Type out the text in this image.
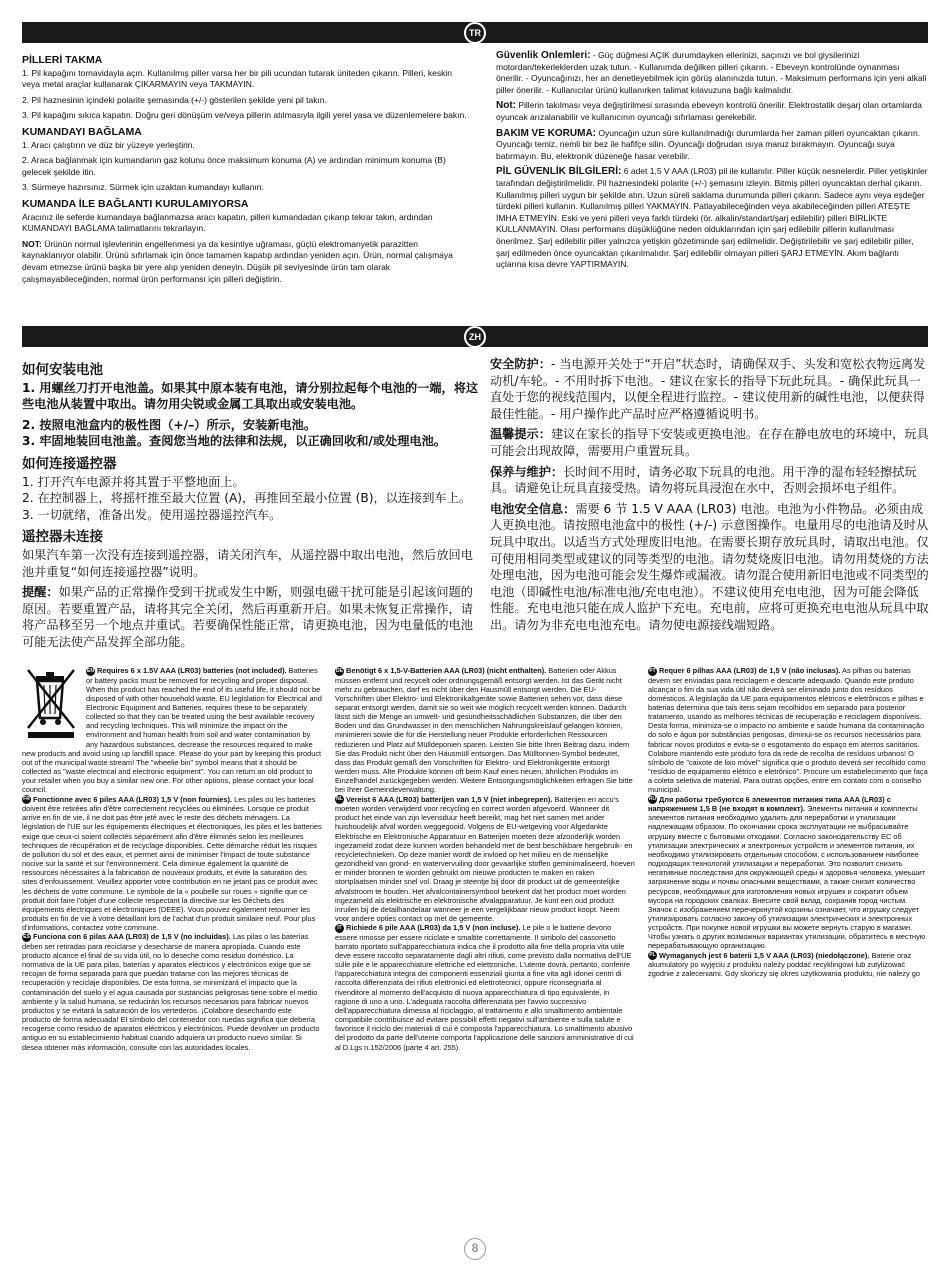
TR
PİLLERİ TAKMA

1. Pil kapağını tornavidayla açın. Kullanılmış piller varsa her bir pili ucundan tutarak üniteden çıkarın. Pilleri, keskin veya metal araçlar kullanarak ÇIKARMAYIN veya TAKMAYIN.

2. Pil haznesinin içindeki polarite şemasında (+/-) gösterilen şekilde yeni pil takın.

3. Pil kapağını sıkıca kapatın. Doğru geri dönüşüm ve/veya pillerin atılmasıyla ilgili yerel yasa ve düzenlemelere bakın.

KUMANDAYI BAĞLAMA

1. Aracı çalıştırın ve düz bir yüzeye yerleştirin.

2. Araca bağlanmak için kumandanın gaz kolunu önce maksimum konuma (A) ve ardından minimum konuma (B) gelecek şekilde itin.

3. Sürmeye hazırsınız. Sürmek için uzaktan kumandayı kullanın.

KUMANDA İLE BAĞLANTI KURULAMIYORSA

Aracınız ile seferde kumandaya bağlanmazsa aracı kapatın, pilleri kumandadan çıkarıp tekrar takın, ardından KUMANDAYI BAĞLAMA talimatlarını tekrarlayın.

NOT: Ürünün normal işlevlerinin engellenmesi ya da kesintiye uğraması, güçlü elektromanyetik parazitten kaynaklanıyor olabilir. Ürünü sıfırlamak için önce tamamen kapatıp ardından yeniden açın. Ürün, normal çalışmaya devam etmezse ürünü başka bir yere alıp yeniden deneyin. Düşük pil seviyesinde ürün tam olarak çalışmayabileceğinden, normal ürün performansı için pilleri değiştirin.

Güvenlik Önlemleri: - Güç düğmesi AÇIK durumdayken ellerinizi, saçınızı ve bol giysilerinizi motordan/tekerleklerden uzak tutun. - Kullanımda değilken pilleri çıkarın. - Ebeveyn kontrolünde oynanması önerilir. - Oyuncağınızı, her an denetleyebilmek için görüş alanınızda tutun. - Maksimum performans için yeni alkali piller önerilir. - Kullanıcılar ürünü kullanırken talimat kılavuzuna bağlı kalmalıdır.

Not: Pillerin takılması veya değiştirilmesi sırasında ebeveyn kontrolü önerilir. Elektrostatik deşarj olan ortamlarda oyuncak arızalanabilir ve kullanıcının oyuncağı sıfırlaması gerekebilir.

BAKIM VE KORUMA: Oyuncağın uzun süre kullanılmadığı durumlarda her zaman pilleri oyuncaktan çıkarın. Oyuncağı temiz, nemli bir bez ile hafifçe silin. Oyuncağı doğrudan ısıya maruz bırakmayın. Oyuncağı suya batırmayın. Bu, elektronik düzeneğe hasar verebilir.

PİL GÜVENLİK BİLGİLERİ: 6 adet 1,5 V AAA (LR03) pil ile kullanılır. Piller küçük nesnelerdir. Piller yetişkinler tarafından değiştirilmelidir. Pil haznesindeki polarite (+/-) şemasını izleyin. Bitmiş pilleri oyuncaktan derhal çıkarın. Kullanılmış pilleri uygun bir şekilde atın. Uzun süreli saklama durumunda pilleri çıkarın. Sadece aynı veya eşdeğer türdeki pilleri kullanın. Kullanılmış pilleri YAKMAYIN. Patlayabileceğinden veya akabileceğinden pilleri ATEŞTE İMHA ETMEYİN. Eski ve yeni pilleri veya farklı türdeki (ör. alkalin/standart/şarj edilebilir) pilleri BİRLİKTE KULLANMAYIN. Olası performans düşüklüğüne neden olduklarından için şarj edilebilir pillerin kullanılması önerilmez. Şarj edilebilir piller yalnızca yetişkin gözetiminde şarj edilmelidir. Değiştirilebilir ve şarj edilebilir piller, şarj edilmeden önce oyuncaktan çıkarılmalıdır. Şarj edilebilir olmayan pilleri ŞARJ ETMEYİN. Akım bağlantı uçlarına kısa devre YAPTIRMAYIN.

ZH
如何安装电池

1. 用螺丝刀打开电池盖。如果其中原本装有电池，请分别拉起每个电池的一端，将这些电池从装置中取出。请勿用尖锐或金属工具取出或安装电池。

2. 按照电池盒内的极性图（+/–）所示，安装新电池。

3. 牢固地装回电池盖。查阅您当地的法律和法规，以正确回收和/或处理电池。

如何连接遥控器

1. 打开汽车电源并将其置于平整地面上。

2. 在控制器上，将摇杆推至最大位置 (A)，再推回至最小位置 (B)，以连接到车上。

3. 一切就绪，准备出发。使用遥控器遥控汽车。

遥控器未连接

如果汽车第一次没有连接到遥控器，请关闭汽车，从遥控器中取出电池，然后放回电池并重复“如何连接遥控器”说明。

提醒：如果产品的正常操作受到干扰或发生中断，则强电磁干扰可能是引起该问题的原因。若要重置产品，请将其完全关闭，然后再重新开启。如果未恢复正常操作，请将产品移至另一个地点并重试。若要确保性能正常，请更换电池，因为电量低的电池可能无法使产品发挥全部功能。

安全防护：- 当电源开关处于“开启”状态时，请确保双手、头发和宽松衣物远离发动机/车轮。- 不用时拆下电池。- 建议在家长的指导下玩此玩具。- 确保此玩具一直处于您的视线范围内，以便全程进行监控。- 建议使用新的碱性电池，以便获得最佳性能。- 用户操作此产品时应严格遵循说明书。

温馨提示：建议在家长的指导下安装或更换电池。在存在静电放电的环境中，玩具可能会出现故障，需要用户重置玩具。

保养与维护：长时间不用时，请务必取下玩具的电池。用干净的湿布轻轻擦拭玩具。请避免让玩具直接受热。请勿将玩具浸泡在水中，否则会损坏电子组件。

电池安全信息：需要 6 节 1.5 V AAA (LR03) 电池。电池为小件物品。必须由成人更换电池。请按照电池盒中的极性 (+/-) 示意图操作。电量用尽的电池请及时从玩具中取出。以适当方式处理废旧电池。在需要长期存放玩具时，请取出电池。仅可使用相同类型或建议的同等类型的电池。请勿焚烧废旧电池。请勿用焚烧的方法处理电池，因为电池可能会发生爆炸或漏液。请勿混合使用新旧电池或不同类型的电池（即碱性电池/标准电池/充电电池）。不建议使用充电电池，因为可能会降低性能。充电电池只能在成人监护下充电。充电前，应将可更换充电电池从玩具中取出。请勿为非充电电池充电。请勿使电源接线端短路。

EN Requires 6 x 1.5V AAA (LR03) batteries (not included). Batteries or battery packs must be removed for recycling and proper disposal. When this product has reached the end of its useful life, it should not be disposed of with other household waste. EU legislation for Electrical and Electronic Equipment and Batteries, requires these to be separately collected so that they can be treated using the best available recovery and recycling techniques. This will minimize the impact on the environment and human health from soil and water contamination by any hazardous substances, decrease the resources required to make new products and avoid using up landfill space. Please do your part by keeping this product out of the municipal waste stream! The "wheelie bin" symbol means that it should be collected as "waste electrical and electronic equipment". You can return an old product to your retailer when you buy a similar new one. For other options, please contact your local council.

FR Fonctionne avec 6 piles AAA (LR03) 1,5 V (non fournies). Les piles ou les batteries doivent être retirées afin d'être correctement recyclées ou éliminées. Lorsque ce produit arrive en fin de vie, il ne doit pas être jeté avec le reste des déchets ménagers. La législation de l'UE sur les équipements électriques et électroniques, les piles et les batteries exige que ceux-ci soient collectés séparément afin d'être éliminés selon les meilleures techniques de récupération et de recyclage disponibles. Cette démarche réduit les risques de pollution du sol et des eaux, et permet ainsi de minimiser l'impact de toute substance nocive sur la santé et sur l'environnement. Cela diminue également la quantité de ressources nécessaires à la fabrication de nouveaux produits, et évite la saturation des sites d'enfouissement. Veuillez apporter votre contribution en ne jetant pas ce produit avec les déchets de votre commune. Le symbole de la « poubelle sur roues » signifie que ce produit doit faire l'objet d'une collecte respectant la directive sur les Déchets des équipements électriques et électroniques (DEEE). Vous pouvez également retourner les produits en fin de vie à votre détaillant lors de l'achat d'un produit similaire neuf. Pour plus d'informations, contactez votre commune.

ES Funciona con 6 pilas AAA (LR03) de 1,5 V (no incluidas). Las pilas o las baterías deben ser retiradas para reciclarse y desecharse de manera apropiada. Cuando este producto alcance el final de su vida útil, no lo deseche como residuo doméstico. La normativa de la UE para pilas, baterías y aparatos eléctricos y electrónicos exige que se recojan de forma separada para que puedan tratarse con las mejores técnicas de recuperación y reciclaje disponibles. De esta forma, se minimizará el impacto que la contaminación del suelo y el agua causada por sustancias peligrosas tiene sobre el medio ambiente y la salud humana, se reducirán los recursos necesarios para fabricar nuevos productos y se evitará la saturación de los vertederos. ¡Colabore desechando este producto de forma adecuada! El símbolo del contenedor con ruedas significa que debería recogerse como residuo de aparatos eléctricos y electrónicos. Puede devolver un producto antiguo en su establecimiento habitual cuando adquiera un producto nuevo similar. Si desea obtener más información, consulte con las autoridades locales.

DE Benötigt 6 x 1,5-V-Batterien AAA (LR03) (nicht enthalten). Batterien oder Akkus müssen entfernt und recycelt oder ordnungsgemäß entsorgt werden. Ist das Gerät nicht mehr zu gebrauchen, darf es nicht über den Hausmüll entsorgt werden. Die EU-Vorschriften über Elektro- und Elektronikaltgeräte sowie Batterien sehen vor, dass diese separat entsorgt werden, damit sie so weit wie möglich recycelt werden können. Dadurch lässt sich die Menge an umwelt- und gesundheitsschädlichen Substanzen, die über den Boden und das Grundwasser in den menschlichen Nahrungskreislauf gelangen können, minimieren sowie die für die Herstellung neuer Produkte erforderlichen Ressourcen reduzieren und Platz auf Mülldeponien sparen. Leisten Sie bitte Ihren Beitrag dazu, indem Sie das Produkt nicht über den Hausmüll entsorgen. Das Mülltonnen-Symbol bedeutet, dass das Produkt gemäß den Vorschriften für Elektro- und Elektronikgeräte entsorgt werden muss. Alte Produkte können oft beim Kauf eines neuen, ähnlichen Produkts im Einzelhandel zurückgegeben werden. Weitere Entsorgungsmöglichkeiten erfragen Sie bitte bei Ihrer Gemeindeverwaltung.

NL Vereist 6 AAA (LR03) batterijen van 1,5 V (niet inbegrepen). Batterijen en accu's moeten worden verwijderd voor recycling en correct worden afgevoerd. Wanneer dit product het einde van zijn levensduur heeft bereikt, mag het niet samen met ander huishoudelijk afval worden weggegooid. Volgens de EU-wetgeving voor Afgedankte Elektrische en Elektronische Apparatuur en Batterijen moeten deze afzonderlijk worden ingezameld zodat deze kunnen worden behandeld met de best beschikbare hergebruik- en recycletechnieken. Op deze manier wordt de invloed op het milieu en de menselijke gezondheid van grond- en watervervuiling door gevaarlijke stoffen geminimaliseerd, hoeven er minder bronnen te worden gebruikt om nieuwe producten te maken en raken stortplaatsen minder snel vol. Draag je steentje bij door dit product uit de gemeentelijke afvalstroom te houden. Het afvalcontainersymbool betekent dat het product moet worden ingezameld als elektrische en elektronische afvalapparatuur. Je kunt een oud product inruilen bij de detailhandelaar wanneer je een vergelijkbaar nieuw product koopt. Neem voor andere opties contact op met de gemeente.

IT Richiede 6 pile AAA (LR03) da 1,5 V (non incluse). Le pile o le batterie devono essere rimosse per essere riciclate e smaltite correttamente. Il simbolo del cassonetto barrato riportato sull'apparecchiatura indica che il prodotto alla fine della propria vita utile deve essere raccolto separatamente dagli altri rifiuti, come previsto dalla normativa dell'UE sulle pile e le apparecchiature elettriche ed elettroniche. L'utente dovrà, pertanto, conferire l'apparecchiatura integra dei componenti essenziali giunta a fine vita agli idonei centri di raccolta differenziata dei rifiuti elettronici ed elettrotecnici, oppure riconsegnarla al rivenditore al momento dell'acquisto di nuova apparecchiatura di tipo equivalente, in ragione di uno a uno. L'adeguata raccolta differenziata per l'avvio successivo dell'apparecchiatura dimessa al riciclaggio, al trattamento e allo smaltimento ambientale compatibile contribuisce ad evitare possibili effetti negativi sull'ambiente e sulla salute e favorisce il riciclo dei materiali di cui è composta l'apparecchiatura. Lo smaltimento abusivo del prodotto da parte dell'utente comporta l'applicazione delle sanzioni amministrative di cui al D.Lgs n.152/2006 (parte 4 art. 255).

PT Requer 6 pilhas AAA (LR03) de 1,5 V (não inclusas). As pilhas ou baterias devem ser enviadas para reciclagem e descarte adequado. Quando este produto alcançar o fim da sua vida útil não deverá ser eliminado junto dos resíduos domésticos. A legislação da UE para equipamentos elétricos e eletrônicos e pilhas e baterias determina que tais itens sejam recolhidos em separado para posterior tratamento, usando as melhores técnicas de recuperação e reciclagem disponíveis. Desta forma, minimiza-se o impacto no ambiente e saúde humana da contaminação do solo e água por substâncias perigosas, diminui-se os recursos necessários para fabricar novos produtos e evita-se o esgotamento do espaço em aterros sanitários. Colabore mantendo este produto fora da rede de recolha de resíduos urbanos! O símbolo de "caixote de lixo móvel" significa que o produto deverá ser recolhido como "resíduo de equipamento elétrico e eletrônico". Procure um estabelecimento que faça a coleta seletiva de material. Para outras opções, entre em contato com o conselho municipal.

RU Для работы требуются 6 элементов питания типа AAA (LR03) с напряжением 1,5 В (не входят в комплект). Элементы питания и комплекты элементов питания необходимо удалить для переработки и утилизации надлежащим образом. По окончании срока эксплуатации не выбрасывайте игрушку вместе с бытовыми отходами. Согласно законодательству ЕС об утилизации электрических и электронных устройств и элементов питания, их необходимо утилизировать отдельным способом, с использованием наиболее подходящих технологий утилизации и переработки. Это позволит снизить негативные последствия для окружающей среды и здоровья человека, умеьшит загрязнение воды и почвы опасными веществами, а также снизит количество ресурсов, необходимых для изготовления новых игрушек и сократит объем мусора на городских свалках. Внесите свой вклад, сохранив город чистым. Значок с изображением перечеркнутой корзины означает, что игрушку следует утилизировать согласно закону об утилизации электрических и электронных устройств. При покупке новой игрушки вы можете вернуть старую в магазин. Чтобы узнать о других возможных вариантах утилизации, обратитесь в местную перерабатывающую организацию.

PL Wymaganych jest 6 baterii 1,5 V AAA (LR03) (niedołączone). Baterie oraz akumulatory po wyjęciu z produktu należy poddać recyklingowi lub zutylizować zgodnie z zaleceniami. Gdy skończy się okres użytkowania produktu, nie należy go

8
